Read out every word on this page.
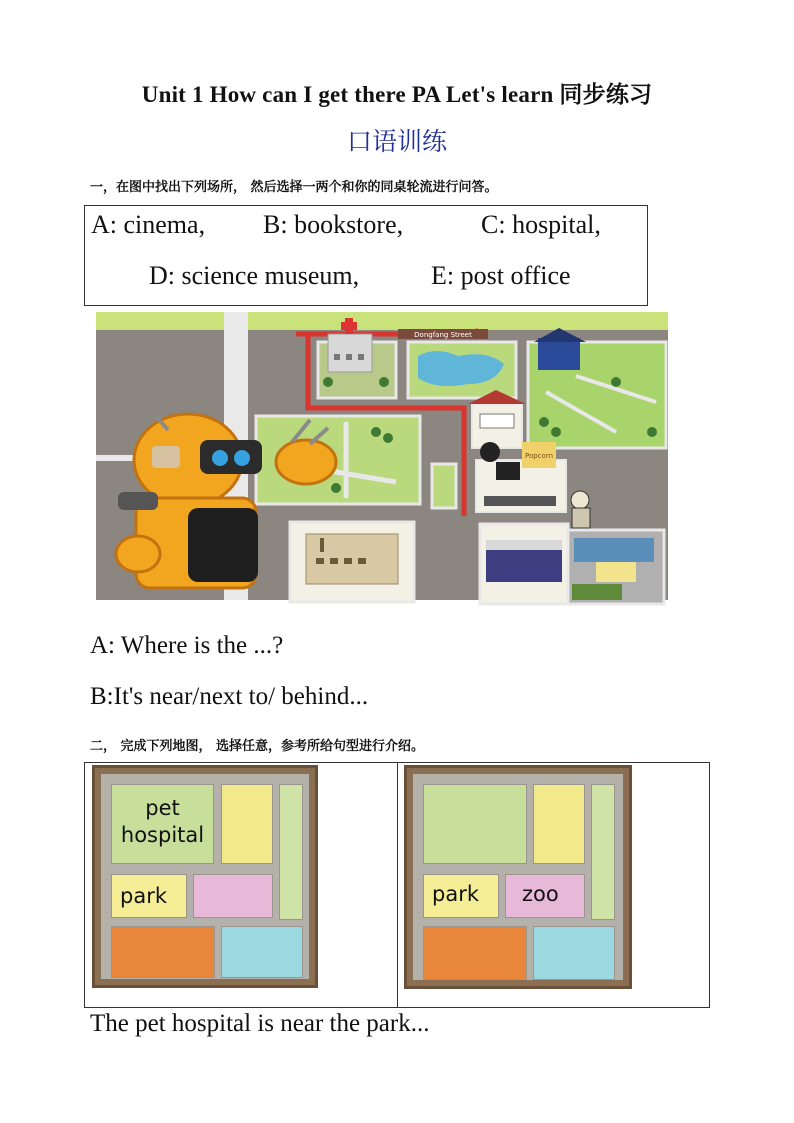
Unit 1 How can I get there PA Let's learn 同步练习
口语训练
一，在图中找出下列场所， 然后选择一两个和你的同桌轮流进行问答。
A: cinema, B: bookstore,	C: hospital,
D: science museum,	E: post office
Dongfang Street
Popcorn
A: Where is the ...?
B:It's near/next to/ behind...
二， 完成下列地图， 选择任意，参考所给句型进行介绍。
pet hospital
park	park zoo
The pet hospital is near the park...
